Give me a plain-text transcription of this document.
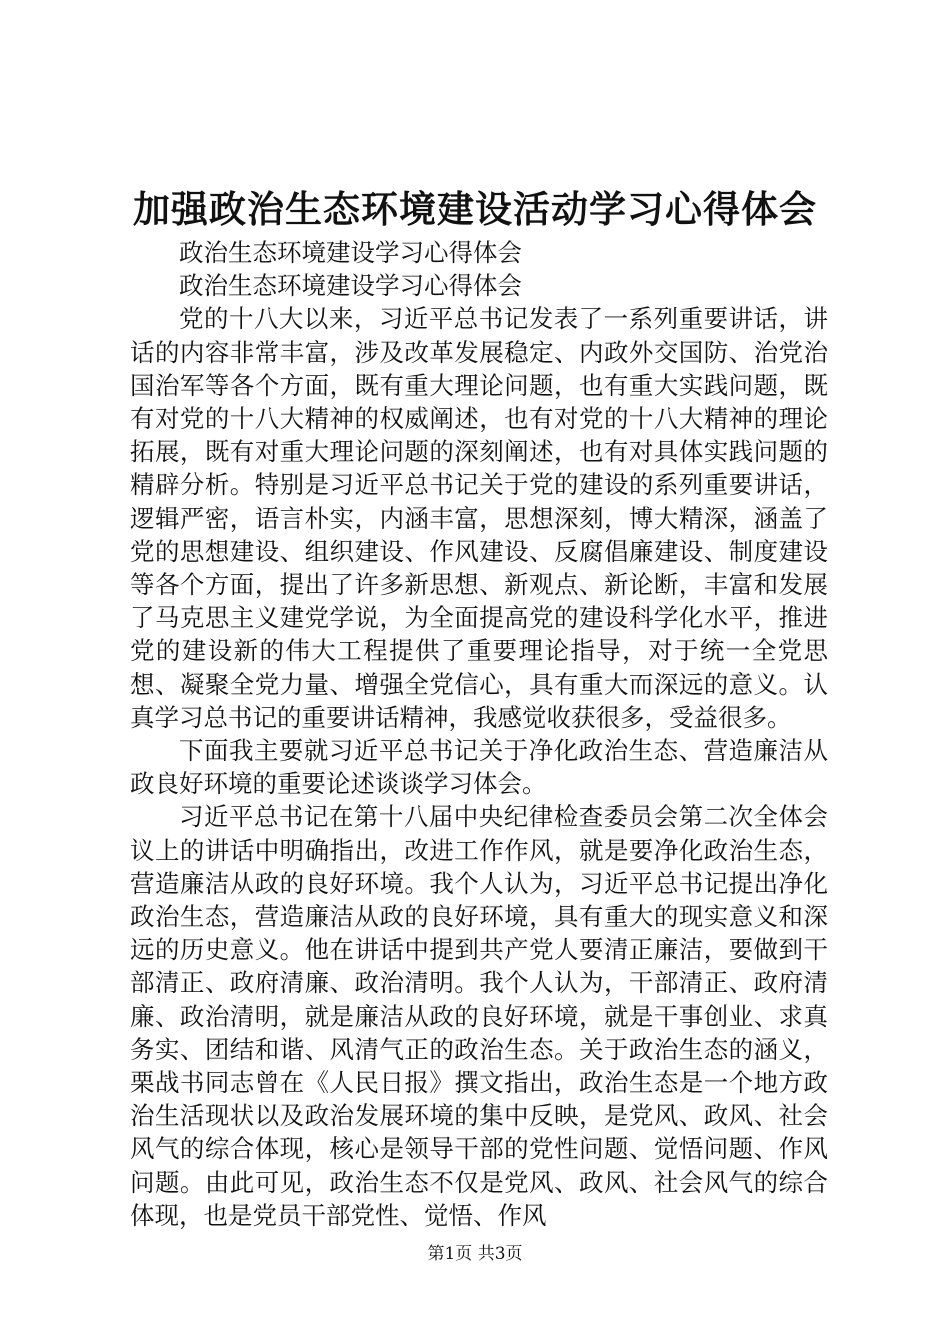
加强政治生态环境建设活动学习心得体会

政治生态环境建设学习心得体会

政治生态环境建设学习心得体会

党的十八大以来，习近平总书记发表了一系列重要讲话，讲话的内容非常丰富，涉及改革发展稳定、内政外交国防、治党治国治军等各个方面，既有重大理论问题，也有重大实践问题，既有对党的十八大精神的权威阐述，也有对党的十八大精神的理论拓展，既有对重大理论问题的深刻阐述，也有对具体实践问题的精辟分析。特别是习近平总书记关于党的建设的系列重要讲话，逻辑严密，语言朴实，内涵丰富，思想深刻，博大精深，涵盖了党的思想建设、组织建设、作风建设、反腐倡廉建设、制度建设等各个方面，提出了许多新思想、新观点、新论断，丰富和发展了马克思主义建党学说，为全面提高党的建设科学化水平，推进党的建设新的伟大工程提供了重要理论指导，对于统一全党思想、凝聚全党力量、增强全党信心，具有重大而深远的意义。认真学习总书记的重要讲话精神，我感觉收获很多，受益很多。

下面我主要就习近平总书记关于净化政治生态、营造廉洁从政良好环境的重要论述谈谈学习体会。

习近平总书记在第十八届中央纪律检查委员会第二次全体会议上的讲话中明确指出，改进工作作风，就是要净化政治生态，营造廉洁从政的良好环境。我个人认为，习近平总书记提出净化政治生态，营造廉洁从政的良好环境，具有重大的现实意义和深远的历史意义。他在讲话中提到共产党人要清正廉洁，要做到干部清正、政府清廉、政治清明。我个人认为，干部清正、政府清廉、政治清明，就是廉洁从政的良好环境，就是干事创业、求真务实、团结和谐、风清气正的政治生态。关于政治生态的涵义，栗战书同志曾在《人民日报》撰文指出，政治生态是一个地方政治生活现状以及政治发展环境的集中反映，是党风、政风、社会风气的综合体现，核心是领导干部的党性问题、觉悟问题、作风问题。由此可见，政治生态不仅是党风、政风、社会风气的综合体现，也是党员干部党性、觉悟、作风

第1页 共3页
